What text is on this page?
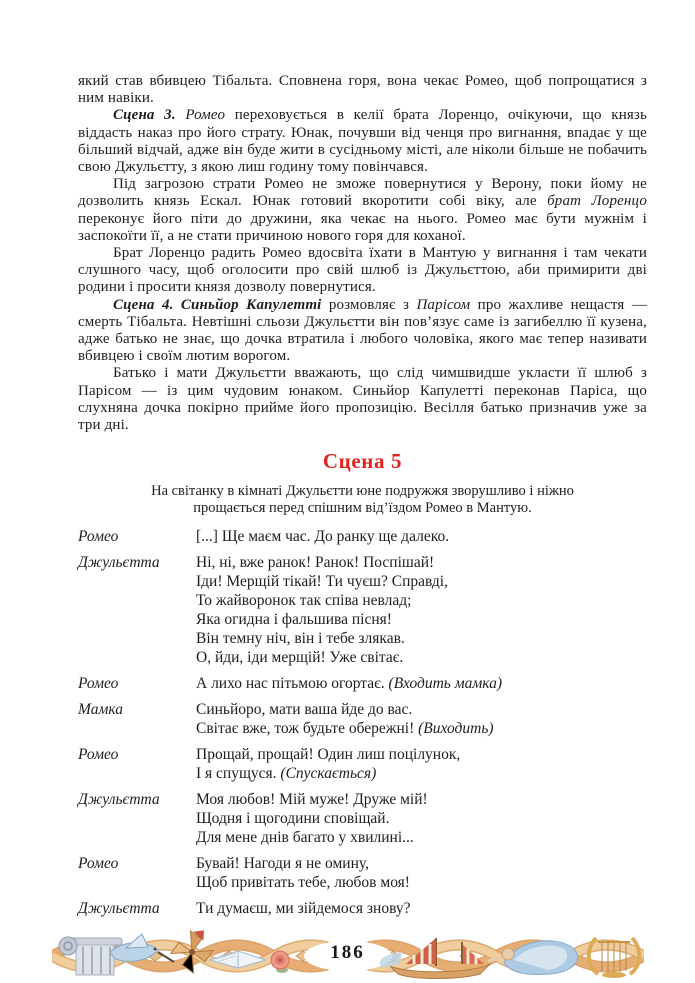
який став вбивцею Тібальта. Сповнена горя, вона чекає Ромео, щоб попрощатися з ним навіки.

Сцена 3. Ромео переховується в келії брата Лоренцо, очікуючи, що князь віддасть наказ про його страту. Юнак, почувши від ченця про вигнання, впадає у ще більший відчай, адже він буде жити в сусідньому місті, але ніколи більше не побачить свою Джульєтту, з якою лиш годину тому повінчався.

Під загрозою страти Ромео не зможе повернутися у Верону, поки йому не дозволить князь Ескал. Юнак готовий вкоротити собі віку, але брат Лоренцо переконує його піти до дружини, яка чекає на нього. Ромео має бути мужнім і заспокоїти її, а не стати причиною нового горя для коханої.

Брат Лоренцо радить Ромео вдосвіта їхати в Мантую у вигнання і там чекати слушного часу, щоб оголосити про свій шлюб із Джульєттою, аби примирити дві родини і просити князя дозволу повернутися.

Сцена 4. Синьйор Капулетті розмовляє з Парісом про жахливе нещастя — смерть Тібальта. Невтішні сльози Джульєтти він пов’язує саме із загибеллю її кузена, адже батько не знає, що дочка втратила і любого чоловіка, якого має тепер називати вбивцею і своїм лютим ворогом.

Батько і мати Джульєтти вважають, що слід чимшвидше укласти її шлюб з Парісом — із цим чудовим юнаком. Синьйор Капулетті переконав Паріса, що слухняна дочка покірно прийме його пропозицію. Весілля батько призначив уже за три дні.

Сцена 5
На світанку в кімнаті Джульєтти юне подружжя зворушливо і ніжно прощається перед спішним від’їздом Ромео в Мантую.
Ромео	[...] Ще маєм час. До ранку ще далеко.
Джульєтта	Ні, ні, вже ранок! Ранок! Поспішай!
Іди! Мерщій тікай! Ти чуєш? Справді,
То жайворонок так співа невлад;
Яка огидна і фальшива пісня!
Він темну ніч, він і тебе злякав.
О, йди, іди мерщій! Уже світає.
Ромео	А лихо нас пітьмою огортає. (Входить мамка)
Мамка	Синьйоро, мати ваша йде до вас.
Світає вже, тож будьте обережні! (Виходить)
Ромео	Прощай, прощай! Один лиш поцілунок,
І я спущуся. (Спускається)
Джульєтта	Моя любов! Мій муже! Друже мій!
Щодня і щогодини сповіщай.
Для мене днів багато у хвилині...
Ромео	Бувай! Нагоди я не омину,
Щоб привітать тебе, любов моя!
Джульєтта	Ти думаєш, ми зійдемося знову?
186
